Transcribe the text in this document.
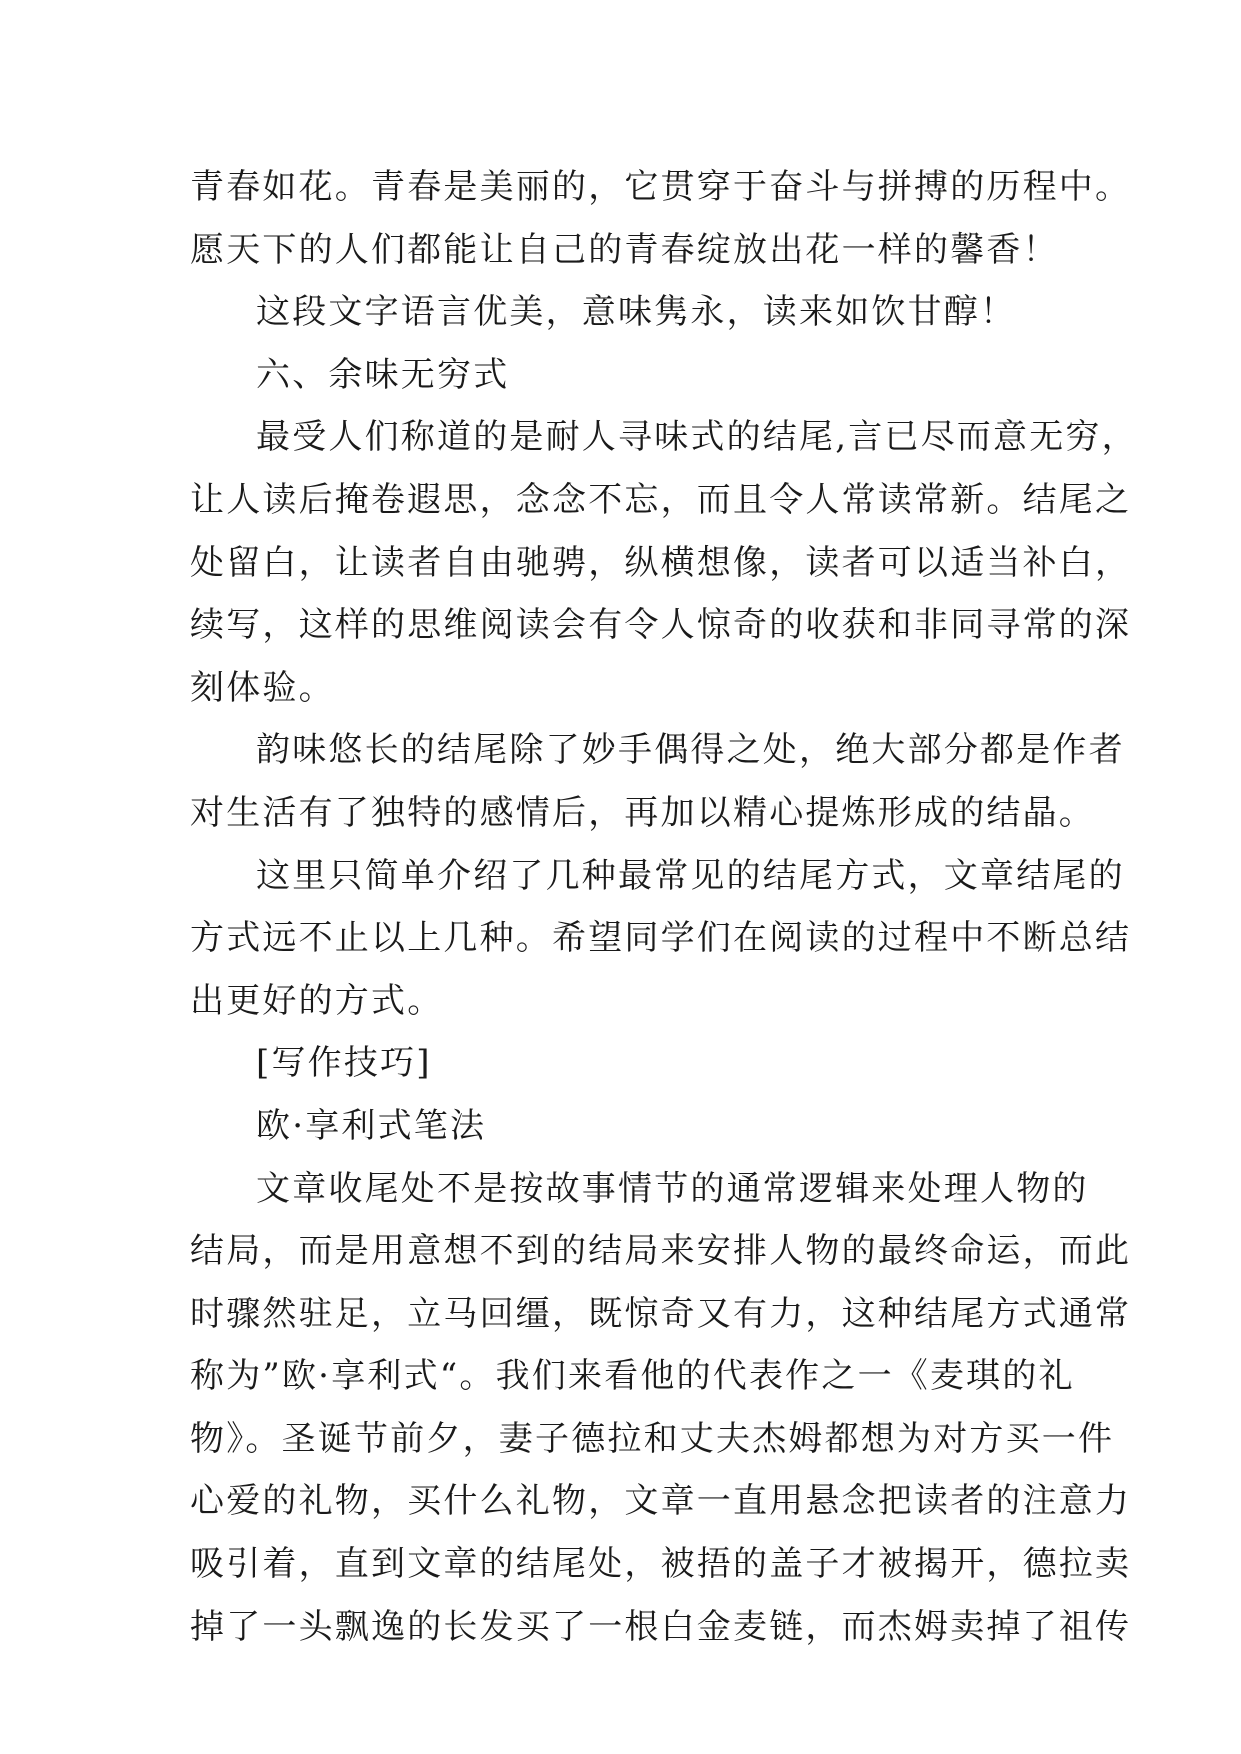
青春如花。青春是美丽的，它贯穿于奋斗与拼搏的历程中。
愿天下的人们都能让自己的青春绽放出花一样的馨香！
这段文字语言优美，意味隽永，读来如饮甘醇！
六、余味无穷式
最受人们称道的是耐人寻味式的结尾,言已尽而意无穷，
让人读后掩卷遐思，念念不忘，而且令人常读常新。结尾之
处留白，让读者自由驰骋，纵横想像，读者可以适当补白，
续写，这样的思维阅读会有令人惊奇的收获和非同寻常的深
刻体验。
韵味悠长的结尾除了妙手偶得之处，绝大部分都是作者
对生活有了独特的感情后，再加以精心提炼形成的结晶。
这里只简单介绍了几种最常见的结尾方式，文章结尾的
方式远不止以上几种。希望同学们在阅读的过程中不断总结
出更好的方式。
[写作技巧]
欧·享利式笔法
文章收尾处不是按故事情节的通常逻辑来处理人物的
结局，而是用意想不到的结局来安排人物的最终命运，而此
时骤然驻足，立马回缰，既惊奇又有力，这种结尾方式通常
称为”欧·享利式“。我们来看他的代表作之一《麦琪的礼
物》。圣诞节前夕，妻子德拉和丈夫杰姆都想为对方买一件
心爱的礼物，买什么礼物，文章一直用悬念把读者的注意力
吸引着，直到文章的结尾处，被捂的盖子才被揭开，德拉卖
掉了一头飘逸的长发买了一根白金麦链，而杰姆卖掉了祖传
